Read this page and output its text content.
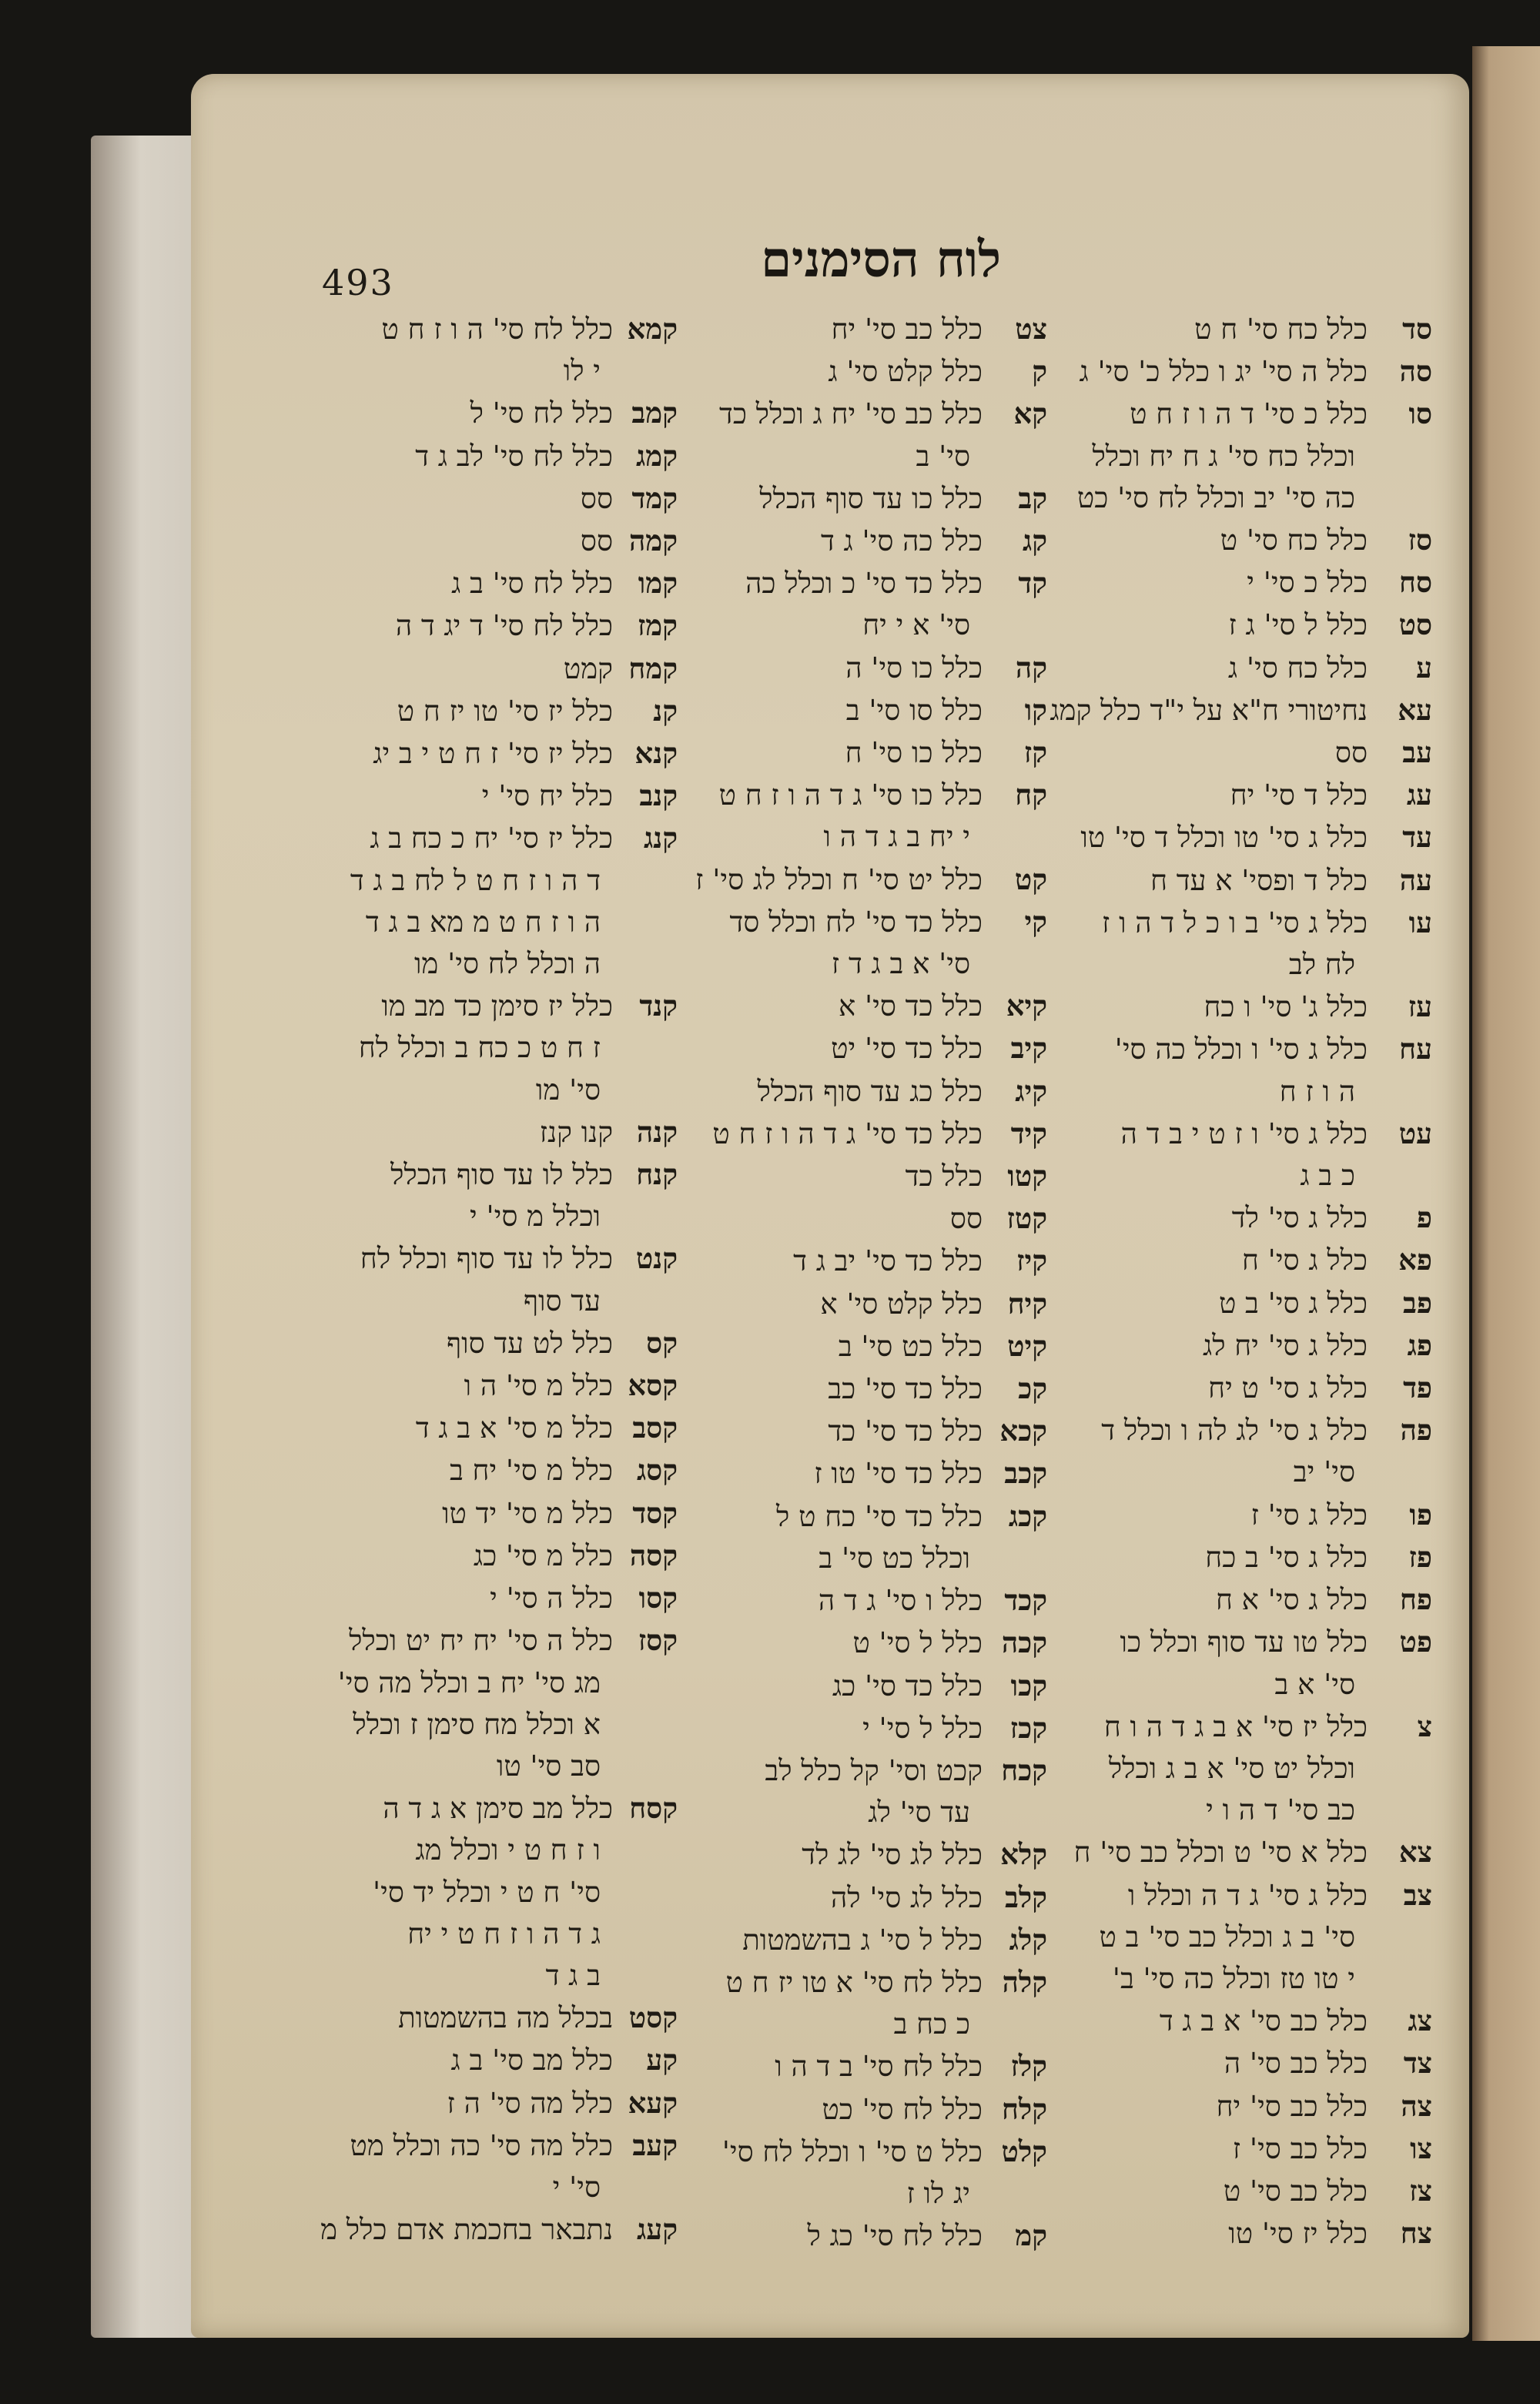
493	לוח הסימנים
סדכלל כח סי' ח ט
סהכלל ה סי' יג ו כלל כ' סי' ג
סוכלל כ סי' ד ה ו ז ח ט
וכלל כח סי' ג ח יח וכלל
כה סי' יב וכלל לח סי' כט
סזכלל כח סי' ט
סחכלל כ סי' י
סטכלל ל סי' ג ז
עכלל כח סי' ג
עאנחיטורי ח"א על י"ד כלל קמג
עבסס
עגכלל ד סי' יח
עדכלל ג סי' טו וכלל ד סי' טו
עהכלל ד ופסי' א עד ח
עוכלל ג סי' ב ו כ ל ד ה ו ז
לח לב
עזכלל ג' סי' ו כח
עחכלל ג סי' ו וכלל כה סי'
ה ו ז ח
עטכלל ג סי' ו ז ט י ב ד ה
כ ב ג
פכלל ג סי' לד
פאכלל ג סי' ח
פבכלל ג סי' ב ט
פגכלל ג סי' יח לג
פדכלל ג סי' ט יח
פהכלל ג סי' לג לה ו וכלל ד
סי' יב
פוכלל ג סי' ז
פזכלל ג סי' ב כח
פחכלל ג סי' א ח
פטכלל טו עד סוף וכלל כו
סי' א ב
צכלל יז סי' א ב ג ד ה ו ח
וכלל יט סי' א ב ג וכלל
כב סי' ד ה ו י
צאכלל א סי' ט וכלל כב סי' ח
צבכלל ג סי' ג ד ה וכלל ו
סי' ב ג וכלל כב סי' ב ט
י טו טז וכלל כה סי' ב'
צגכלל כב סי' א ב ג ד
צדכלל כב סי' ה
צהכלל כב סי' יח
צוכלל כב סי' ז
צזכלל כב סי' ט
צחכלל יז סי' טו
צטכלל כב סי' יח
קכלל קלט סי' ג
קאכלל כב סי' יח ג וכלל כד
סי' ב
קבכלל כו עד סוף הכלל
קגכלל כה סי' ג ד
קדכלל כד סי' כ וכלל כה
סי' א י יח
קהכלל כו סי' ה
קוכלל סו סי' ב
קזכלל כו סי' ח
קחכלל כו סי' ג ד ה ו ז ח ט
י יח ב ג ד ה ו
קטכלל יט סי' ח וכלל לג סי' ז
קיכלל כד סי' לח וכלל סד
סי' א ב ג ד ז
קיאכלל כד סי' א
קיבכלל כד סי' יט
קיגכלל כג עד סוף הכלל
קידכלל כד סי' ג ד ה ו ז ח ט
קטוכלל כד
קטזסס
קיזכלל כד סי' יב ג ד
קיחכלל קלט סי' א
קיטכלל כט סי' ב
קככלל כד סי' כב
קכאכלל כד סי' כד
קכבכלל כד סי' טו ז
קכגכלל כד סי' כח ט ל
וכלל כט סי' ב
קכדכלל ו סי' ג ד ה
קכהכלל ל סי' ט
קכוכלל כד סי' כג
קכזכלל ל סי' י
קכחקכט וסי' קל כלל לב
עד סי' לג
קלאכלל לג סי' לג לד
קלבכלל לג סי' לה
קלגכלל ל סי' ג בהשמטות
קלהכלל לח סי' א טו יז ח ט
כ כח ב
קלזכלל לח סי' ב ד ה ו
קלחכלל לח סי' כט
קלטכלל ט סי' ו וכלל לח סי'
יג לו ז
קמכלל לח סי' כג ל
קמאכלל לח סי' ה ו ז ח ט
י לו
קמבכלל לח סי' ל
קמגכלל לח סי' לב ג ד
קמדסס
קמהסס
קמוכלל לח סי' ב ג
קמזכלל לח סי' ד יג ד ה
קמחקמט
קנכלל יז סי' טו יז ח ט
קנאכלל יז סי' ז ח ט י ב יג
קנבכלל יח סי' י
קנגכלל יז סי' יח כ כח ב ג
ד ה ו ז ח ט ל לח ב ג ד
ה ו ז ח ט מ מא ב ג ד
ה וכלל לח סי' מו
קנדכלל יז סימן כד מב מו
ז ח ט כ כח ב וכלל לח
סי' מו
קנהקנו קנז
קנחכלל לו עד סוף הכלל
וכלל מ סי' י
קנטכלל לו עד סוף וכלל לח
עד סוף
קסכלל לט עד סוף
קסאכלל מ סי' ה ו
קסבכלל מ סי' א ב ג ד
קסגכלל מ סי' יח ב
קסדכלל מ סי' יד טו
קסהכלל מ סי' כג
קסוכלל ה סי' י
קסזכלל ה סי' יח יח יט וכלל
מג סי' יח ב וכלל מה סי'
א וכלל מח סימן ז וכלל
סב סי' טו
קסחכלל מב סימן א ג ד ה
ו ז ח ט י וכלל מג
סי' ח ט י וכלל יד סי'
ג ד ה ו ז ח ט י יח
ב ג ד
קסטבכלל מה בהשמטות
קעכלל מב סי' ב ג
קעאכלל מה סי' ה ז
קעבכלל מה סי' כה וכלל מט
סי' י
קעגנתבאר בחכמת אדם כלל מ
